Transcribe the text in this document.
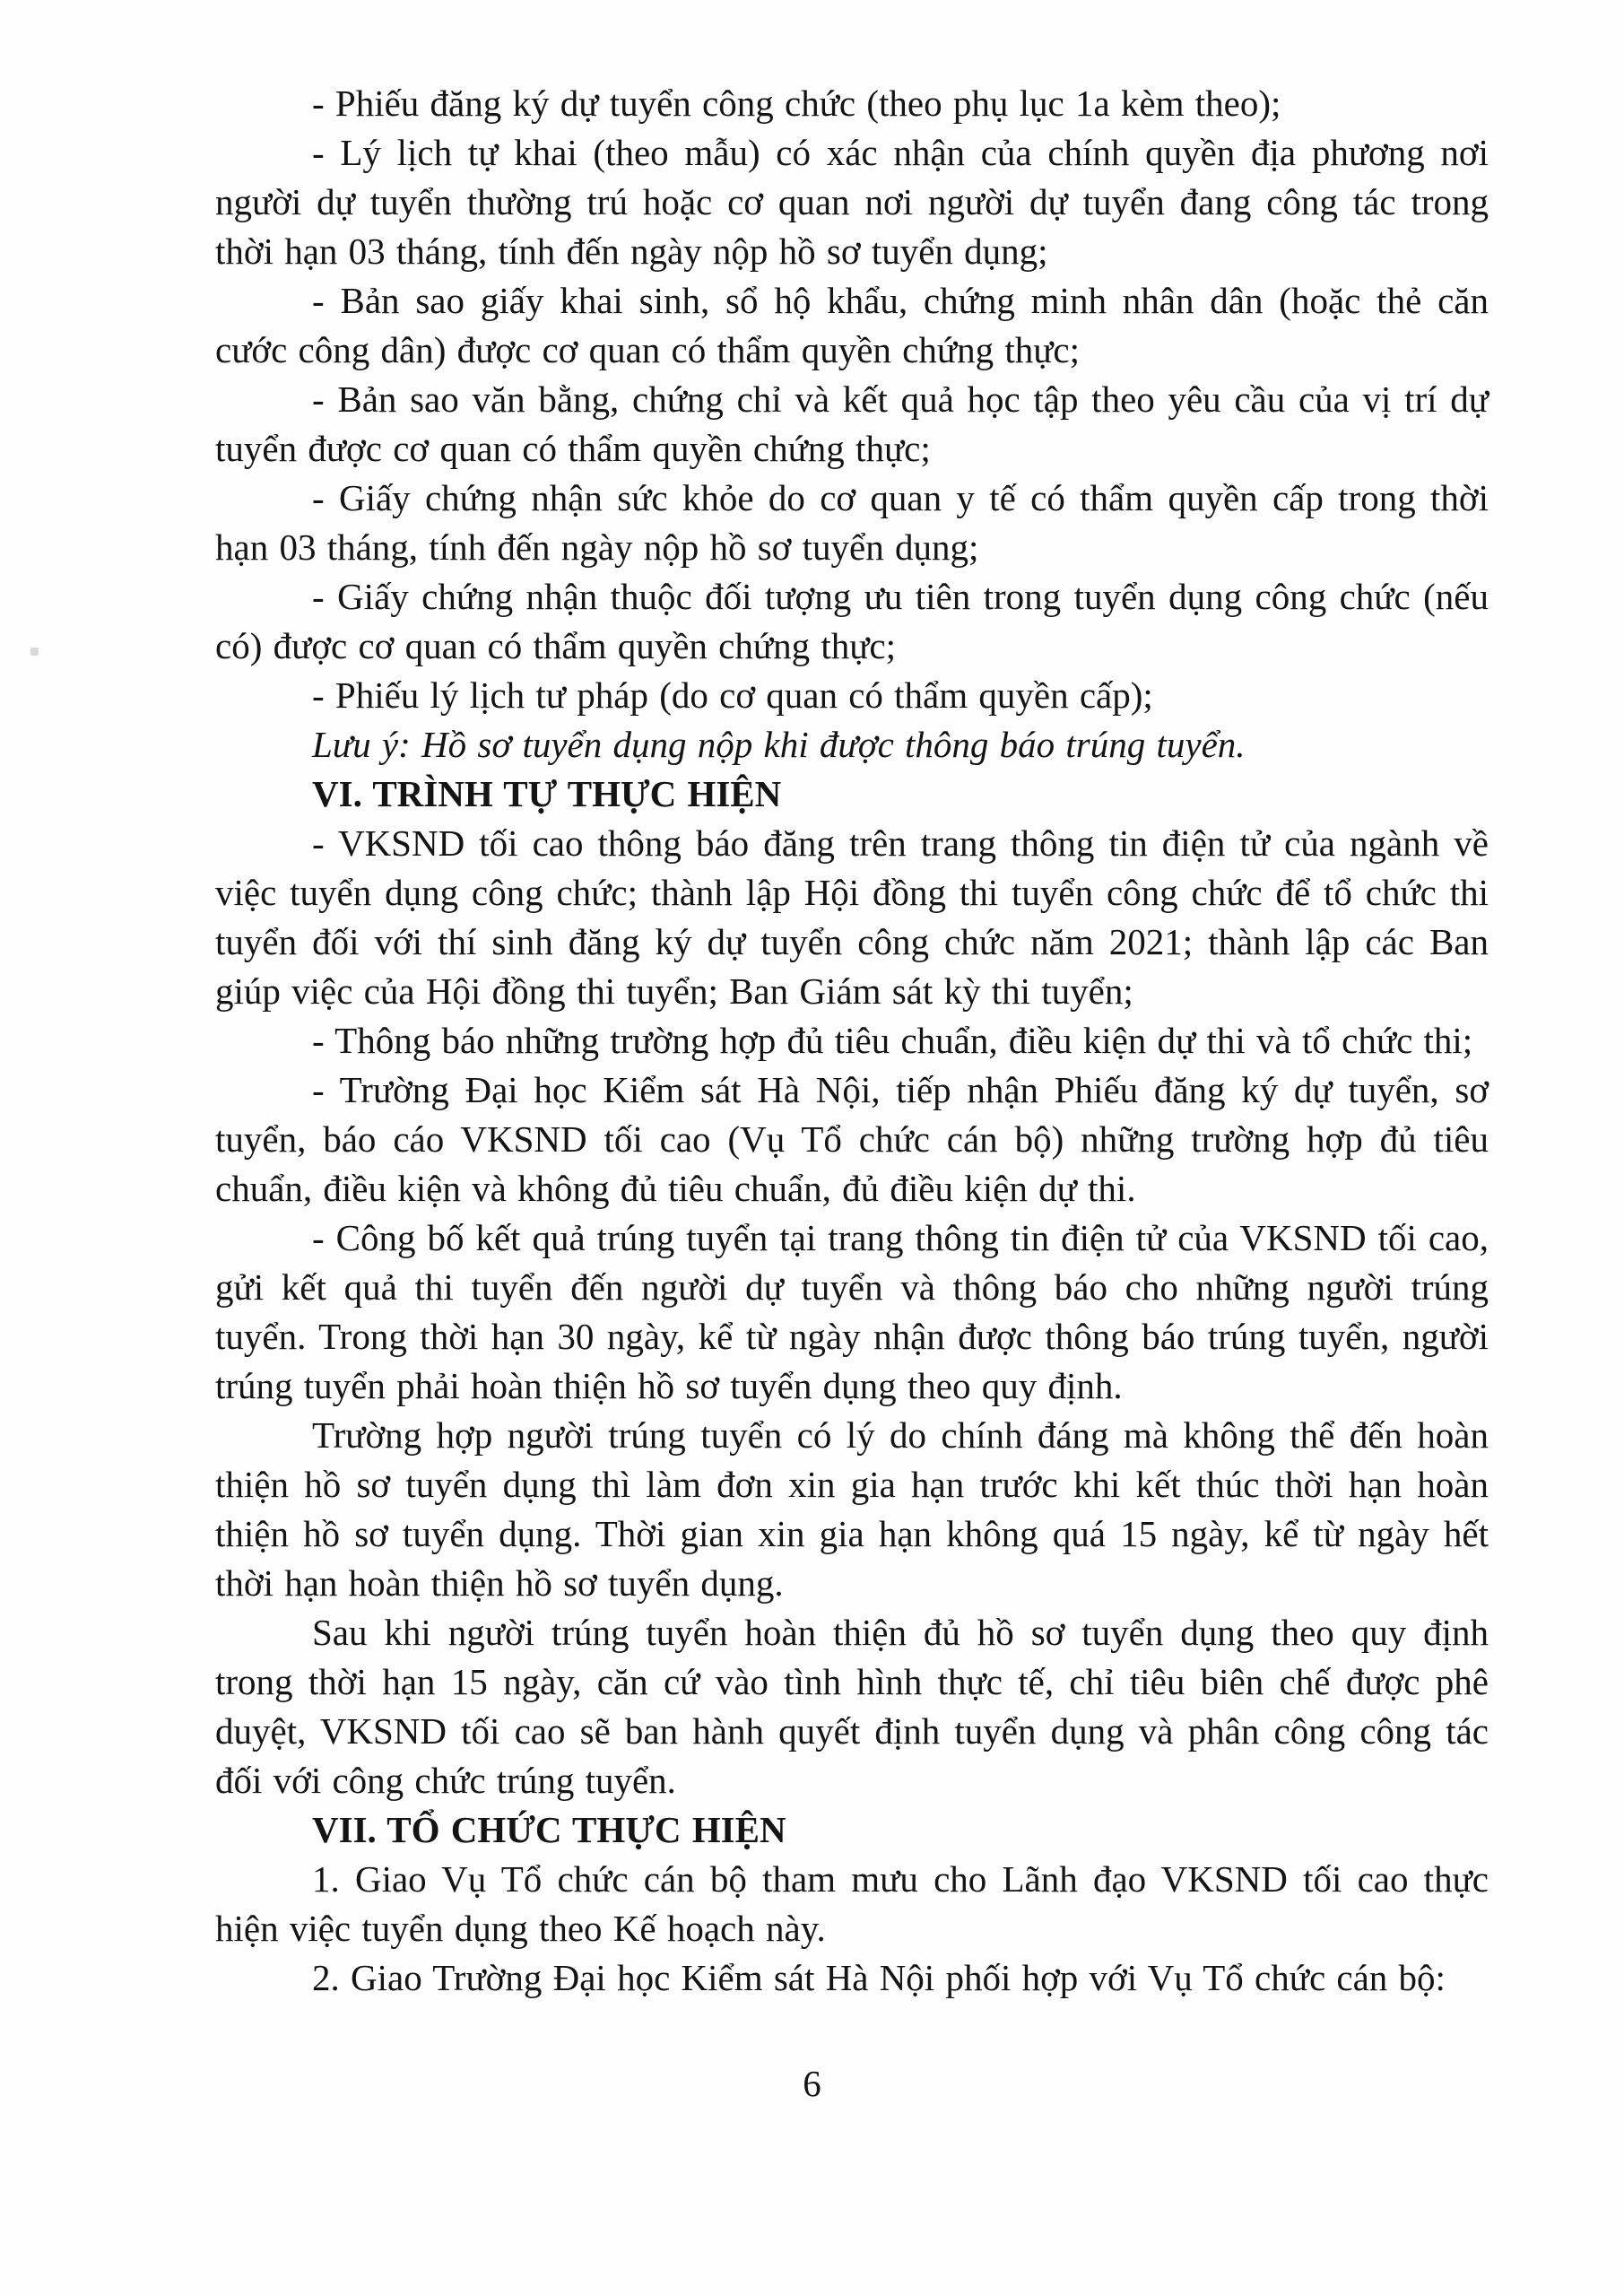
- Phiếu đăng ký dự tuyển công chức (theo phụ lục 1a kèm theo);

- Lý lịch tự khai (theo mẫu) có xác nhận của chính quyền địa phương nơi người dự tuyển thường trú hoặc cơ quan nơi người dự tuyển đang công tác trong thời hạn 03 tháng, tính đến ngày nộp hồ sơ tuyển dụng;

- Bản sao giấy khai sinh, sổ hộ khẩu, chứng minh nhân dân (hoặc thẻ căn cước công dân) được cơ quan có thẩm quyền chứng thực;

- Bản sao văn bằng, chứng chỉ và kết quả học tập theo yêu cầu của vị trí dự tuyển được cơ quan có thẩm quyền chứng thực;

- Giấy chứng nhận sức khỏe do cơ quan y tế có thẩm quyền cấp trong thời hạn 03 tháng, tính đến ngày nộp hồ sơ tuyển dụng;

- Giấy chứng nhận thuộc đối tượng ưu tiên trong tuyển dụng công chức (nếu có) được cơ quan có thẩm quyền chứng thực;

- Phiếu lý lịch tư pháp (do cơ quan có thẩm quyền cấp);

Lưu ý: Hồ sơ tuyển dụng nộp khi được thông báo trúng tuyển.

VI. TRÌNH TỰ THỰC HIỆN

- VKSND tối cao thông báo đăng trên trang thông tin điện tử của ngành về việc tuyển dụng công chức; thành lập Hội đồng thi tuyển công chức để tổ chức thi tuyển đối với thí sinh đăng ký dự tuyển công chức năm 2021; thành lập các Ban giúp việc của Hội đồng thi tuyển; Ban Giám sát kỳ thi tuyển;

- Thông báo những trường hợp đủ tiêu chuẩn, điều kiện dự thi và tổ chức thi;

- Trường Đại học Kiểm sát Hà Nội, tiếp nhận Phiếu đăng ký dự tuyển, sơ tuyển, báo cáo VKSND tối cao (Vụ Tổ chức cán bộ) những trường hợp đủ tiêu chuẩn, điều kiện và không đủ tiêu chuẩn, đủ điều kiện dự thi.

- Công bố kết quả trúng tuyển tại trang thông tin điện tử của VKSND tối cao, gửi kết quả thi tuyển đến người dự tuyển và thông báo cho những người trúng tuyển. Trong thời hạn 30 ngày, kể từ ngày nhận được thông báo trúng tuyển, người trúng tuyển phải hoàn thiện hồ sơ tuyển dụng theo quy định.

Trường hợp người trúng tuyển có lý do chính đáng mà không thể đến hoàn thiện hồ sơ tuyển dụng thì làm đơn xin gia hạn trước khi kết thúc thời hạn hoàn thiện hồ sơ tuyển dụng. Thời gian xin gia hạn không quá 15 ngày, kể từ ngày hết thời hạn hoàn thiện hồ sơ tuyển dụng.

Sau khi người trúng tuyển hoàn thiện đủ hồ sơ tuyển dụng theo quy định trong thời hạn 15 ngày, căn cứ vào tình hình thực tế, chỉ tiêu biên chế được phê duyệt, VKSND tối cao sẽ ban hành quyết định tuyển dụng và phân công công tác đối với công chức trúng tuyển.

VII. TỔ CHỨC THỰC HIỆN

1. Giao Vụ Tổ chức cán bộ tham mưu cho Lãnh đạo VKSND tối cao thực hiện việc tuyển dụng theo Kế hoạch này.

2. Giao Trường Đại học Kiểm sát Hà Nội phối hợp với Vụ Tổ chức cán bộ:

6
